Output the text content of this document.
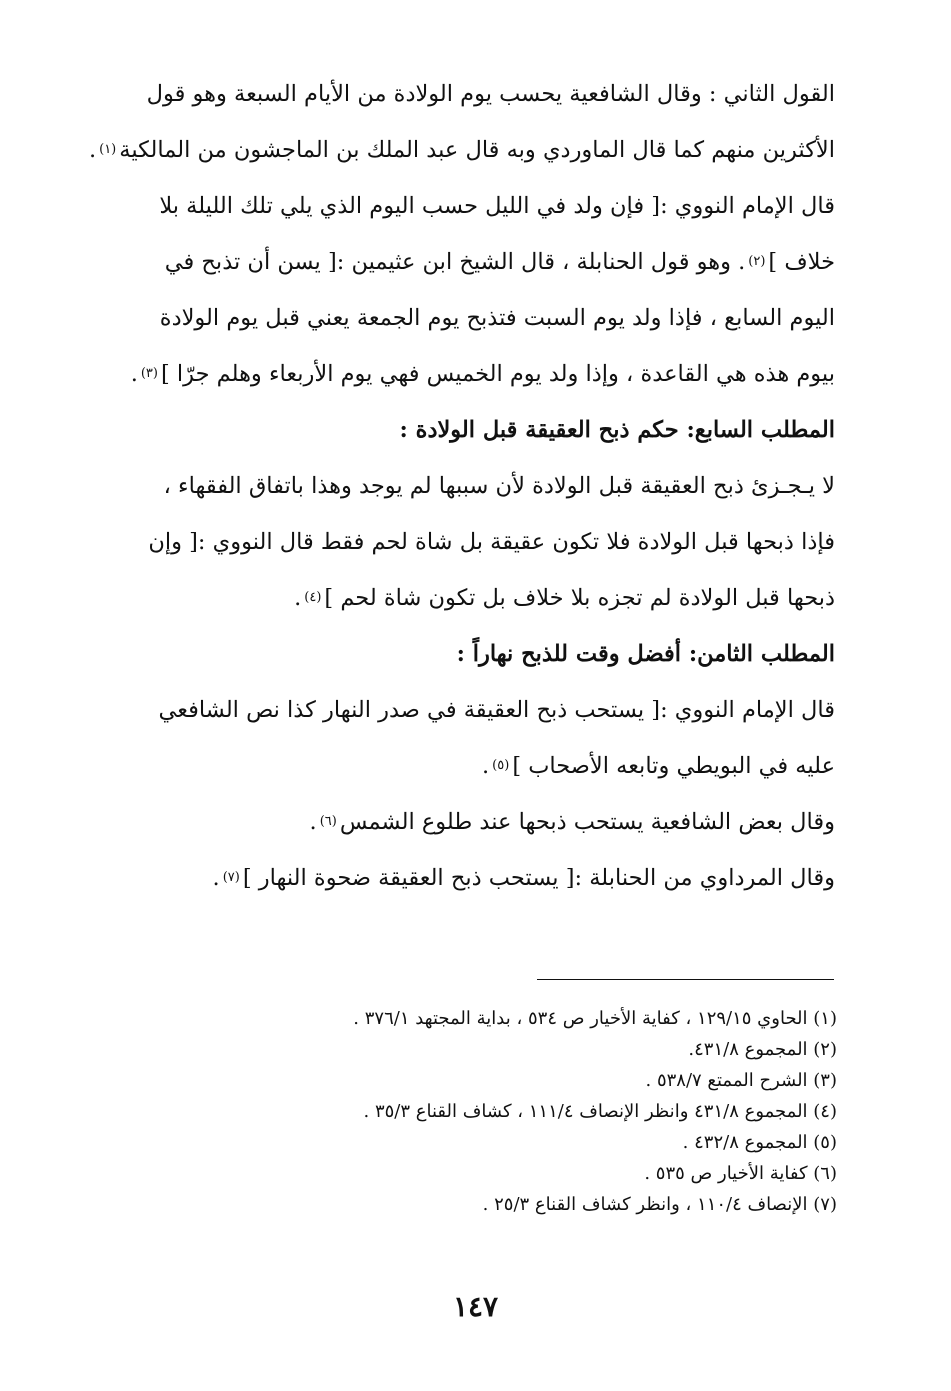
القول الثاني : وقال الشافعية يحسب يوم الولادة من الأيام السبعة وهو قول
الأكثرين منهم كما قال الماوردي وبه قال عبد الملك بن الماجشون من المالكية
(١)
.
قال الإمام النووي :[ فإن ولد في الليل حسب اليوم الذي يلي تلك الليلة بلا
خلاف ]
(٢)
. وهو قول الحنابلة ، قال الشيخ ابن عثيمين :[ يسن أن تذبح في
اليوم السابع ، فإذا ولد يوم السبت فتذبح يوم الجمعة يعني قبل يوم الولادة
بيوم هذه هي القاعدة ، وإذا ولد يوم الخميس فهي يوم الأربعاء وهلم جرّا ]
(٣)
.
المطلب السابع: حكم ذبح العقيقة قبل الولادة :
لا يـجـزئ ذبح العقيقة قبل الولادة لأن سببها لم يوجد وهذا باتفاق الفقهاء ،
فإذا ذبحها قبل الولادة فلا تكون عقيقة بل شاة لحم فقط قال النووي :[ وإن
ذبحها قبل الولادة لم تجزه بلا خلاف بل تكون شاة لحم ]
(٤)
.
المطلب الثامن: أفضل وقت للذبح نهاراً :
قال الإمام النووي :[ يستحب ذبح العقيقة في صدر النهار كذا نص الشافعي
عليه في البويطي وتابعه الأصحاب ]
(٥)
.
وقال بعض الشافعية يستحب ذبحها عند طلوع الشمس
(٦)
.
وقال المرداوي من الحنابلة :[ يستحب ذبح العقيقة ضحوة النهار ]
(٧)
.
(١) الحاوي ١٢٩/١٥ ، كفاية الأخيار ص ٥٣٤ ، بداية المجتهد ٣٧٦/١ .
(٢) المجموع ٤٣١/٨.
(٣) الشرح الممتع ٥٣٨/٧ .
(٤) المجموع ٤٣١/٨ وانظر الإنصاف ١١١/٤ ، كشاف القناع ٣٥/٣ .
(٥) المجموع ٤٣٢/٨ .
(٦) كفاية الأخيار ص ٥٣٥ .
(٧) الإنصاف ١١٠/٤ ، وانظر كشاف القناع ٢٥/٣ .
١٤٧
